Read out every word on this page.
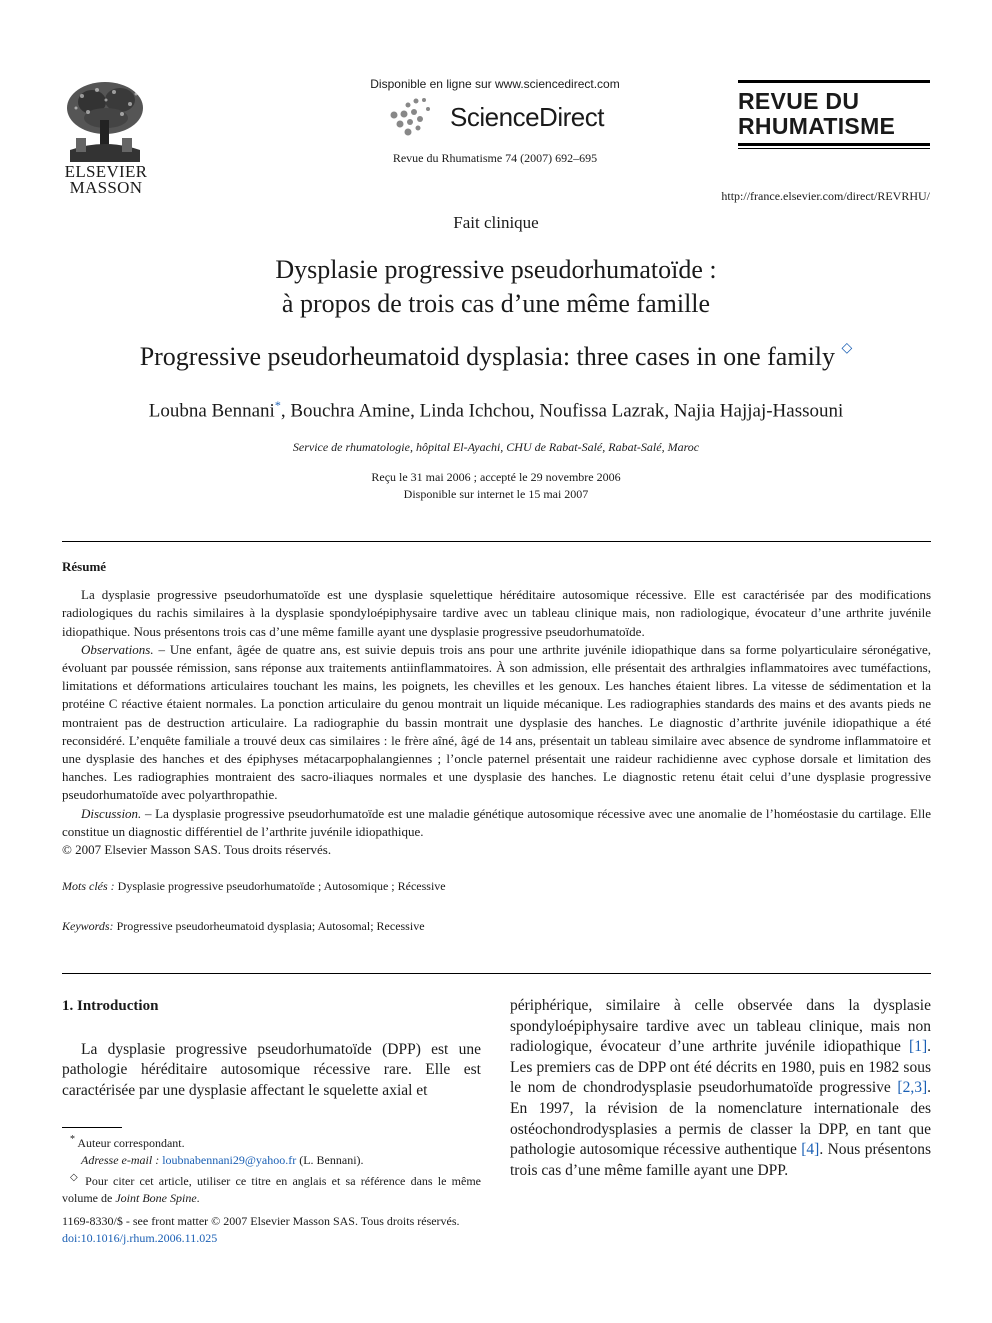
ELSEVIER
MASSON
Disponible en ligne sur www.sciencedirect.com
ScienceDirect
Revue du Rhumatisme 74 (2007) 692–695
REVUE DU
RHUMATISME
http://france.elsevier.com/direct/REVRHU/
Fait clinique
Dysplasie progressive pseudorhumatoïde :
à propos de trois cas d’une même famille
Progressive pseudorheumatoid dysplasia: three cases in one family ◇
Loubna Bennani*, Bouchra Amine, Linda Ichchou, Noufissa Lazrak, Najia Hajjaj-Hassouni
Service de rhumatologie, hôpital El-Ayachi, CHU de Rabat-Salé, Rabat-Salé, Maroc
Reçu le 31 mai 2006 ; accepté le 29 novembre 2006
Disponible sur internet le 15 mai 2007
Résumé

La dysplasie progressive pseudorhumatoïde est une dysplasie squelettique héréditaire autosomique récessive. Elle est caractérisée par des modifications radiologiques du rachis similaires à la dysplasie spondyloépiphysaire tardive avec un tableau clinique mais, non radiologique, évocateur d’une arthrite juvénile idiopathique. Nous présentons trois cas d’une même famille ayant une dysplasie progressive pseudorhumatoïde.

Observations. – Une enfant, âgée de quatre ans, est suivie depuis trois ans pour une arthrite juvénile idiopathique dans sa forme polyarticulaire séronégative, évoluant par poussée rémission, sans réponse aux traitements antiinflammatoires. À son admission, elle présentait des arthralgies inflammatoires avec tuméfactions, limitations et déformations articulaires touchant les mains, les poignets, les chevilles et les genoux. Les hanches étaient libres. La vitesse de sédimentation et la protéine C réactive étaient normales. La ponction articulaire du genou montrait un liquide mécanique. Les radiographies standards des mains et des avants pieds ne montraient pas de destruction articulaire. La radiographie du bassin montrait une dysplasie des hanches. Le diagnostic d’arthrite juvénile idiopathique a été reconsidéré. L’enquête familiale a trouvé deux cas similaires : le frère aîné, âgé de 14 ans, présentait un tableau similaire avec absence de syndrome inflammatoire et une dysplasie des hanches et des épiphyses métacarpophalangiennes ; l’oncle paternel présentait une raideur rachidienne avec cyphose dorsale et limitation des hanches. Les radiographies montraient des sacro-iliaques normales et une dysplasie des hanches. Le diagnostic retenu était celui d’une dysplasie progressive pseudorhumatoïde avec polyarthropathie.

Discussion. – La dysplasie progressive pseudorhumatoïde est une maladie génétique autosomique récessive avec une anomalie de l’homéostasie du cartilage. Elle constitue un diagnostic différentiel de l’arthrite juvénile idiopathique.

© 2007 Elsevier Masson SAS. Tous droits réservés.

Mots clés : Dysplasie progressive pseudorhumatoïde ; Autosomique ; Récessive

Keywords: Progressive pseudorheumatoid dysplasia; Autosomal; Recessive

1. Introduction

La dysplasie progressive pseudorhumatoïde (DPP) est une pathologie héréditaire autosomique récessive rare. Elle est caractérisée par une dysplasie affectant le squelette axial et

périphérique, similaire à celle observée dans la dysplasie spondyloépiphysaire tardive avec un tableau clinique, mais non radiologique, évocateur d’une arthrite juvénile idiopathique [1]. Les premiers cas de DPP ont été décrits en 1980, puis en 1982 sous le nom de chondrodysplasie pseudorhumatoïde progressive [2,3]. En 1997, la révision de la nomenclature internationale des ostéochondrodysplasies a permis de classer la DPP, en tant que pathologie autosomique récessive authentique [4]. Nous présentons trois cas d’une même famille ayant une DPP.

* Auteur correspondant.

Adresse e-mail : loubnabennani29@yahoo.fr (L. Bennani).

◇ Pour citer cet article, utiliser ce titre en anglais et sa référence dans le même volume de Joint Bone Spine.

1169-8330/$ - see front matter © 2007 Elsevier Masson SAS. Tous droits réservés.
doi:10.1016/j.rhum.2006.11.025
